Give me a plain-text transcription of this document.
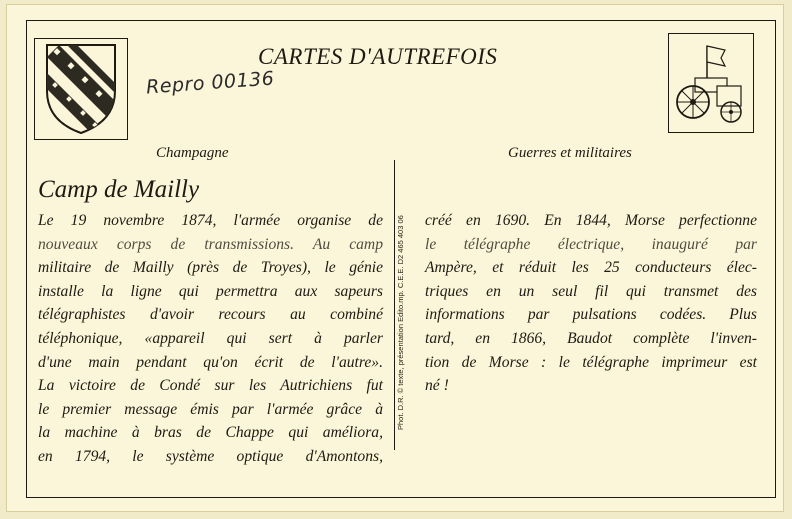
CARTES D'AUTREFOIS
Repro 00136
Champagne	Guerres et militaires
Camp de Mailly
Le 19 novembre 1874, l'armée organise de
nouveaux corps de transmissions. Au camp
militaire de Mailly (près de Troyes), le génie
installe la ligne qui permettra aux sapeurs
télégraphistes d'avoir recours au combiné
téléphonique, «appareil qui sert à parler
d'une main pendant qu'on écrit de l'autre».
La victoire de Condé sur les Autrichiens fut
le premier message émis par l'armée grâce à
la machine à bras de Chappe qui améliora,
en 1794, le système optique d'Amontons,
Phot. D.R. © texte, présentation Edito.mp. C.E.E. D2 465 403 06 créé en 1690. En 1844, Morse perfectionne
le télégraphe électrique, inauguré par
Ampère, et réduit les 25 conducteurs élec-
triques en un seul fil qui transmet des
informations par pulsations codées. Plus
tard, en 1866, Baudot complète l'inven-
tion de Morse : le télégraphe imprimeur est
né !
